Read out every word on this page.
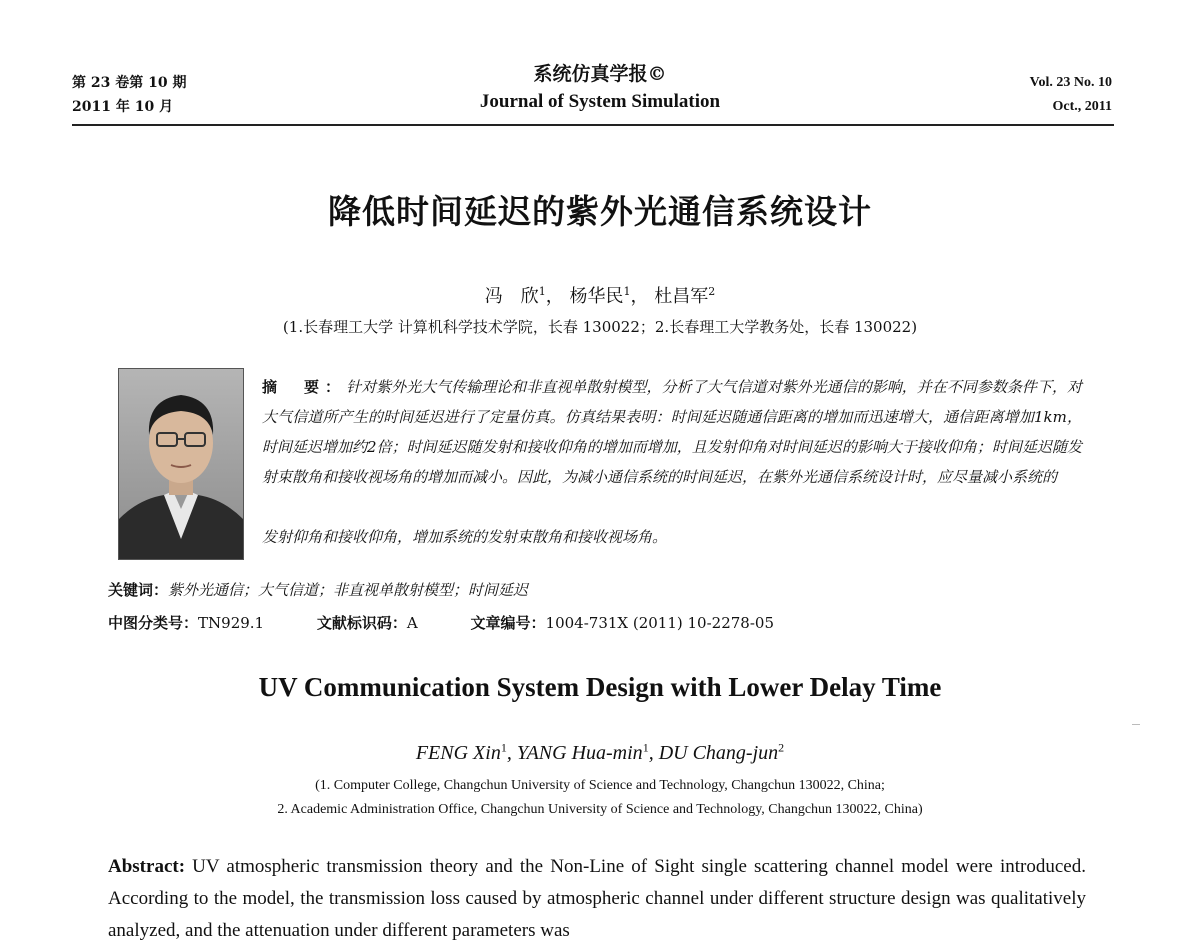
第 23 卷第 10 期
2011 年 10 月
系统仿真学报©
Journal of System Simulation
Vol. 23 No. 10
Oct., 2011
降低时间延迟的紫外光通信系统设计
冯　欣$^1$， 杨华民$^1$， 杜昌军$^2$
(1.长春理工大学 计算机科学技术学院，长春 130022；2.长春理工大学教务处，长春 130022)
摘　要：针对紫外光大气传输理论和非直视单散射模型，分析了大气信道对紫外光通信的影响，并在不同参数条件下，对大气信道所产生的时间延迟进行了定量仿真。仿真结果表明：时间延迟随通信距离的增加而迅速增大，通信距离增加1km，时间延迟增加约2倍；时间延迟随发射和接收仰角的增加而增加，且发射仰角对时间延迟的影响大于接收仰角；时间延迟随发射束散角和接收视场角的增加而减小。因此，为减小通信系统的时间延迟，在紫外光通信系统设计时，应尽量减小系统的
发射仰角和接收仰角，增加系统的发射束散角和接收视场角。
关键词：紫外光通信；大气信道；非直视单散射模型；时间延迟
中图分类号：TN929.1	文献标识码：A	文章编号：1004-731X (2011) 10-2278-05
UV Communication System Design with Lower Delay Time
FENG Xin$^1$, YANG Hua-$\min^1$, DU Chang-jun$^2$
(1. Computer College, Changchun University of Science and Technology, Changchun 130022, China;
2. Academic Administration Office, Changchun University of Science and Technology, Changchun 130022, China)
Abstract: UV atmospheric transmission theory and the Non-Line of Sight single scattering channel model were introduced. According to the model, the transmission loss caused by atmospheric channel under different structure design was qualitatively analyzed, and the attenuation under different parameters was
